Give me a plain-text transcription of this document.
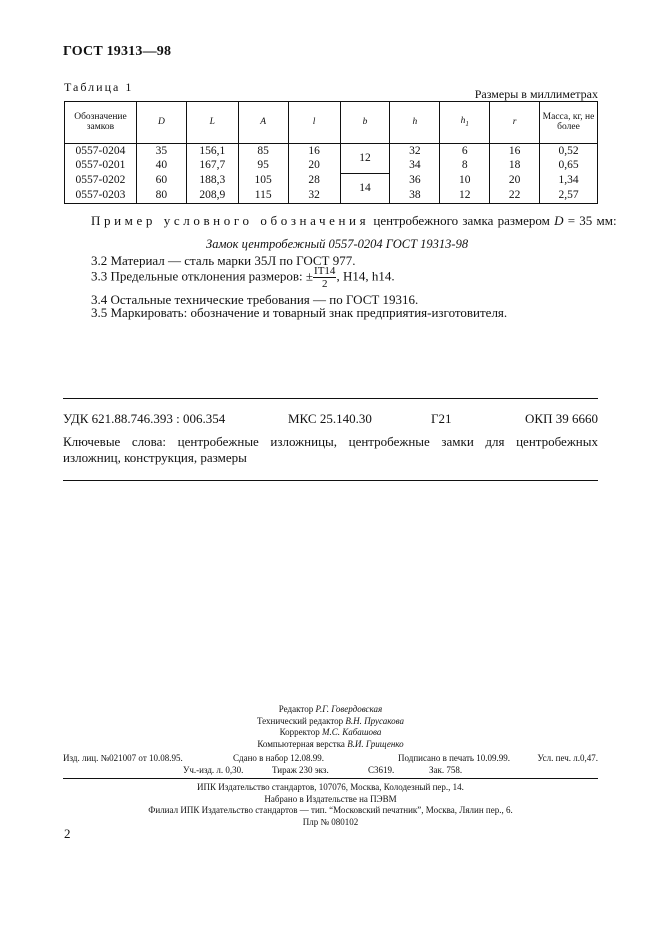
ГОСТ 19313—98
Таблица 1	Размеры в миллиметрах
Обозначение замков	D	L	A	l	b	h	$h_1$	r	Масса, кг, не более
0557-0204	35	156,1	85	16	12	32	6	16	0,52
0557-0201	40	167,7	95	20		34	8	18	0,65
0557-0202	60	188,3	105	28	14	36	10	20	1,34
0557-0203	80	208,9	115	32		38	12	22	2,57
Пример условного обозначения центробежного замка размером D = 35 мм:
Замок центробежный 0557-0204 ГОСТ 19313-98
3.2 Материал — сталь марки 35Л по ГОСТ 977.
3.3 Предельные отклонения размеров: ± $\frac{IT14}{2}$ , H14, h14.
3.4 Остальные технические требования — по ГОСТ 19316.
3.5 Маркировать: обозначение и товарный знак предприятия-изготовителя.
УДК 621.88.746.393 : 006.354	МКС 25.140.30	Г21	ОКП 39 6660
Ключевые слова: центробежные изложницы, центробежные замки для центробежных изложниц, конструкция, размеры
Редактор Р.Г. Говердовская
Технический редактор В.Н. Прусакова
Корректор М.С. Кабашова
Компьютерная верстка В.И. Грищенко
Изд. лиц. №021007 от 10.08.95.	Сдано в набор 12.08.99.	Подписано в печать 10.09.99.	Усл. печ. л.0,47.
Уч.-изд. л. 0,30.	Тираж 230 экз.	С3619.	Зак. 758.
ИПК Издательство стандартов, 107076, Москва, Колодезный пер., 14.
Набрано в Издательстве на ПЭВМ
Филиал ИПК Издательство стандартов — тип. “Московский печатник”, Москва, Лялин пер., 6.
Плр № 080102
2
